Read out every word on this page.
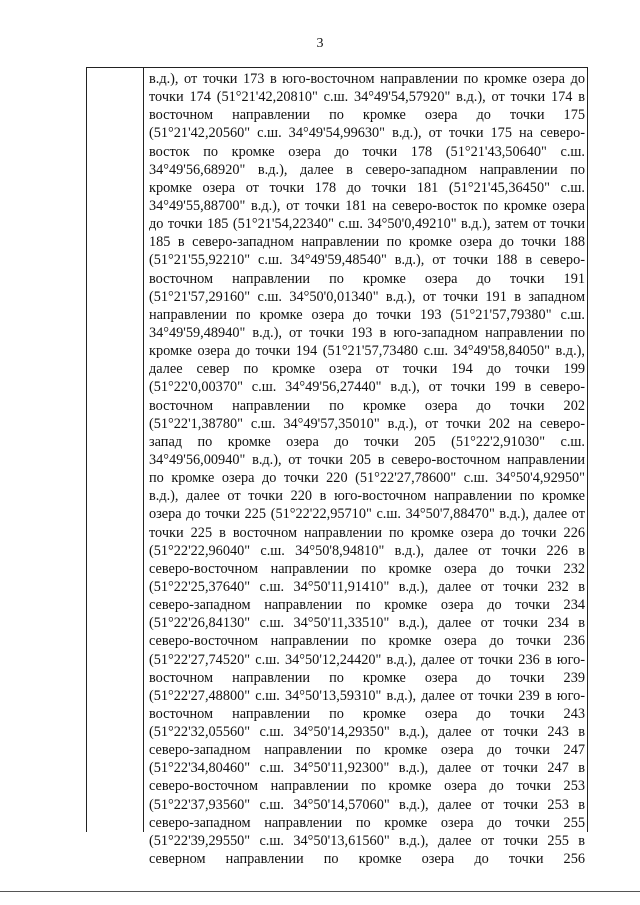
3
в.д.), от точки 173 в юго-восточном направлении по кромке озера до
точки 174 (51°21'42,20810" с.ш. 34°49'54,57920" в.д.), от точки 174 в
восточном направлении по кромке озера до точки 175
(51°21'42,20560" с.ш. 34°49'54,99630" в.д.), от точки 175 на северо-
восток по кромке озера до точки 178 (51°21'43,50640" с.ш.
34°49'56,68920" в.д.), далее в северо-западном направлении по
кромке озера от точки 178 до точки 181 (51°21'45,36450" с.ш.
34°49'55,88700" в.д.), от точки 181 на северо-восток по кромке озера
до точки 185 (51°21'54,22340" с.ш. 34°50'0,49210" в.д.), затем от точки
185 в северо-западном направлении по кромке озера до точки 188
(51°21'55,92210" с.ш. 34°49'59,48540" в.д.), от точки 188 в северо-
восточном направлении по кромке озера до точки 191
(51°21'57,29160" с.ш. 34°50'0,01340" в.д.), от точки 191 в западном
направлении по кромке озера до точки 193 (51°21'57,79380" с.ш.
34°49'59,48940" в.д.), от точки 193 в юго-западном направлении по
кромке озера до точки 194 (51°21'57,73480 с.ш. 34°49'58,84050" в.д.),
далее север по кромке озера от точки 194 до точки 199
(51°22'0,00370" с.ш. 34°49'56,27440" в.д.), от точки 199 в северо-
восточном направлении по кромке озера до точки 202
(51°22'1,38780" с.ш. 34°49'57,35010" в.д.), от точки 202 на северо-
запад по кромке озера до точки 205 (51°22'2,91030" с.ш.
34°49'56,00940" в.д.), от точки 205 в северо-восточном направлении
по кромке озера до точки 220 (51°22'27,78600" с.ш. 34°50'4,92950"
в.д.), далее от точки 220 в юго-восточном направлении по кромке
озера до точки 225 (51°22'22,95710" с.ш. 34°50'7,88470" в.д.), далее от
точки 225 в восточном направлении по кромке озера до точки 226
(51°22'22,96040" с.ш. 34°50'8,94810" в.д.), далее от точки 226 в
северо-восточном направлении по кромке озера до точки 232
(51°22'25,37640" с.ш. 34°50'11,91410" в.д.), далее от точки 232 в
северо-западном направлении по кромке озера до точки 234
(51°22'26,84130" с.ш. 34°50'11,33510" в.д.), далее от точки 234 в
северо-восточном направлении по кромке озера до точки 236
(51°22'27,74520" с.ш. 34°50'12,24420" в.д.), далее от точки 236 в юго-
восточном направлении по кромке озера до точки 239
(51°22'27,48800" с.ш. 34°50'13,59310" в.д.), далее от точки 239 в юго-
восточном направлении по кромке озера до точки 243
(51°22'32,05560" с.ш. 34°50'14,29350" в.д.), далее от точки 243 в
северо-западном направлении по кромке озера до точки 247
(51°22'34,80460" с.ш. 34°50'11,92300" в.д.), далее от точки 247 в
северо-восточном направлении по кромке озера до точки 253
(51°22'37,93560" с.ш. 34°50'14,57060" в.д.), далее от точки 253 в
северо-западном направлении по кромке озера до точки 255
(51°22'39,29550" с.ш. 34°50'13,61560" в.д.), далее от точки 255 в
северном направлении по кромке озера до точки 256
